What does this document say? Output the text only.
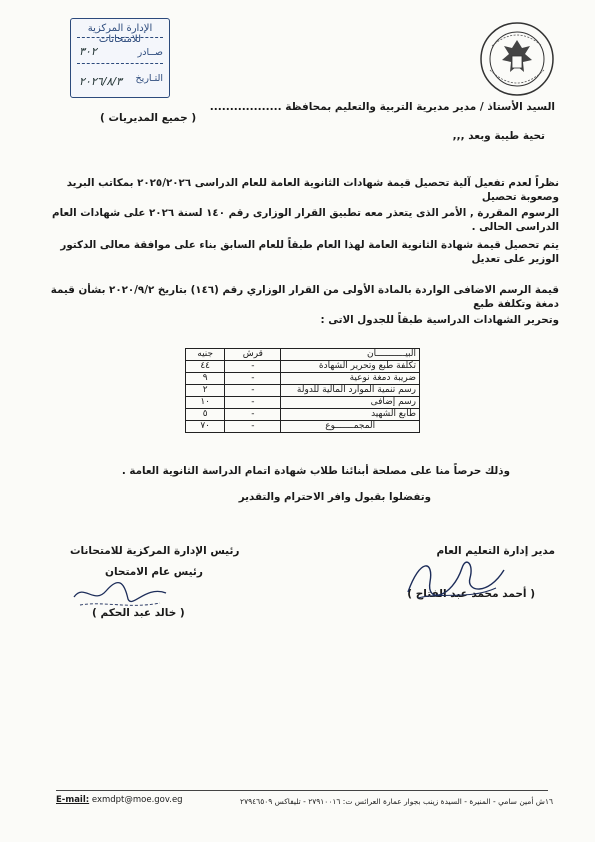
الإدارة المركزية للامتحانات
صــادر
٣٠٢
التـاريخ
٢٠٢٦/٨/٣
السيد الأستاذ / مدير مديرية التربية والتعليم بمحافظة ..................
( جميع المديريات )
تحية طيبة وبعد ,,,
نظراً لعدم تفعيل آلية تحصيل قيمة شهادات الثانوية العامة للعام الدراسى ٢٠٢٥/٢٠٢٦ بمكاتب البريد وصعوبة تحصيل
الرسوم المقررة , الأمر الذى يتعذر معه تطبيق القرار الوزارى رقم ١٤٠ لسنة ٢٠٢٦ على شهادات العام الدراسى الحالى .
يتم تحصيل قيمة شهادة الثانوية العامة لهذا العام طبقاً للعام السابق بناء على موافقة معالى الدكتور الوزير على تعديل
قيمة الرسم الاضافى الواردة بالمادة الأولى من القرار الوزاري رقم (١٤٦) بتاريخ ٢٠٢٠/٩/٢ بشأن قيمة دمغة وتكلفة طبع
وتحرير الشهادات الدراسية طبقاً للجدول الاتى :
البيـــــــــــان	قرش	جنيه
تكلفة طبع وتحرير الشهادة	-	٤٤
ضريبة دمغة نوعية	-	٩
رسم تنمية الموارد المالية للدولة	-	٢
رسم إضافى	-	١٠
طابع الشهيد	-	٥
المجمـــــــوع	-	٧٠
وذلك حرصاً منا على مصلحة أبنائنا طلاب شهادة اتمام الدراسة الثانوية العامة .
وتفضلوا بقبول وافر الاحترام والتقدير
مدير إدارة التعليم العام
( أحمد محمد عبد الفتاح )
رئيس الإدارة المركزية للامتحانات
رئيس عام الامتحان
( خالد عبد الحكم )
E-mail: exmdpt@moe.gov.eg	١٦ش أمين سامي - المنيرة - السيدة زينب بجوار عمارة العرائس ت: ٢٧٩١٠٠١٦ - تليفاكس ٢٧٩٤٦٥٠٩
